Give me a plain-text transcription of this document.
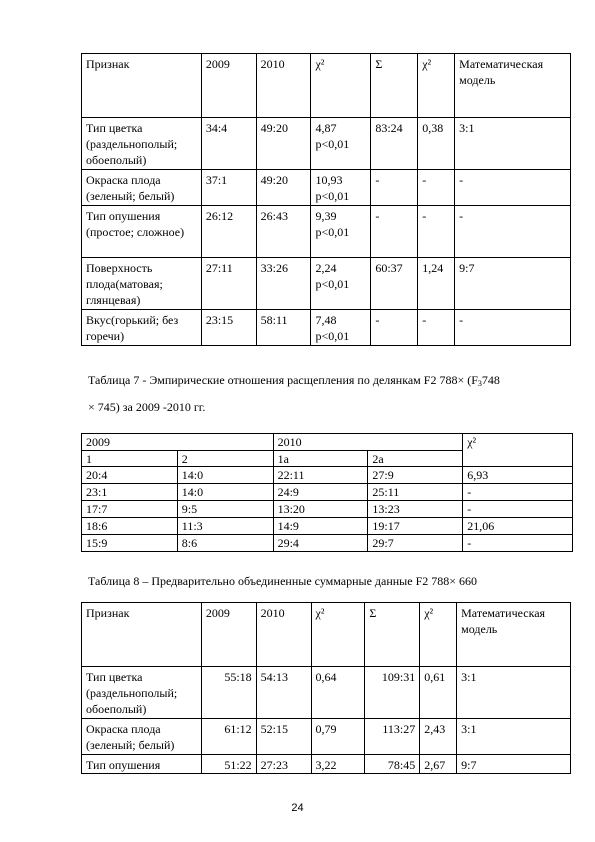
Признак	2009	2010	χ²	Σ	χ²	Математическая модель
Тип цветка (раздельнополый; обоеполый)	34:4	49:20	4,87 p<0,01	83:24	0,38	3:1
Окраска плода (зеленый; белый)	37:1	49:20	10,93 p<0,01	-	-	-
Тип опушения (простое; сложное)	26:12	26:43	9,39 p<0,01	-	-	-
Поверхность плода(матовая; глянцевая)	27:11	33:26	2,24 p<0,01	60:37	1,24	9:7
Вкус(горький; без горечи)	23:15	58:11	7,48 p<0,01	-	-	-
Таблица 7 - Эмпирические отношения расщепления по делянкам F2 $788\times (F_3748$
× 745) за 2009 -2010 гг.
2009		2010		χ²
1	2	1a	2a	
20:4	14:0	22:11	27:9	6,93
23:1	14:0	24:9	25:11	-
17:7	9:5	13:20	13:23	-
18:6	11:3	14:9	19:17	21,06
15:9	8:6	29:4	29:7	-
Таблица 8 – Предварительно объединенные суммарные данные F2 788× 660
Признак	2009	2010	χ²	Σ	χ²	Математическая модель
Тип цветка (раздельнополый; обоеполый)	55:18	54:13	0,64	109:31	0,61	3:1
Окраска плода (зеленый; белый)	61:12	52:15	0,79	113:27	2,43	3:1
Тип опушения	51:22	27:23	3,22	78:45	2,67	9:7
24
